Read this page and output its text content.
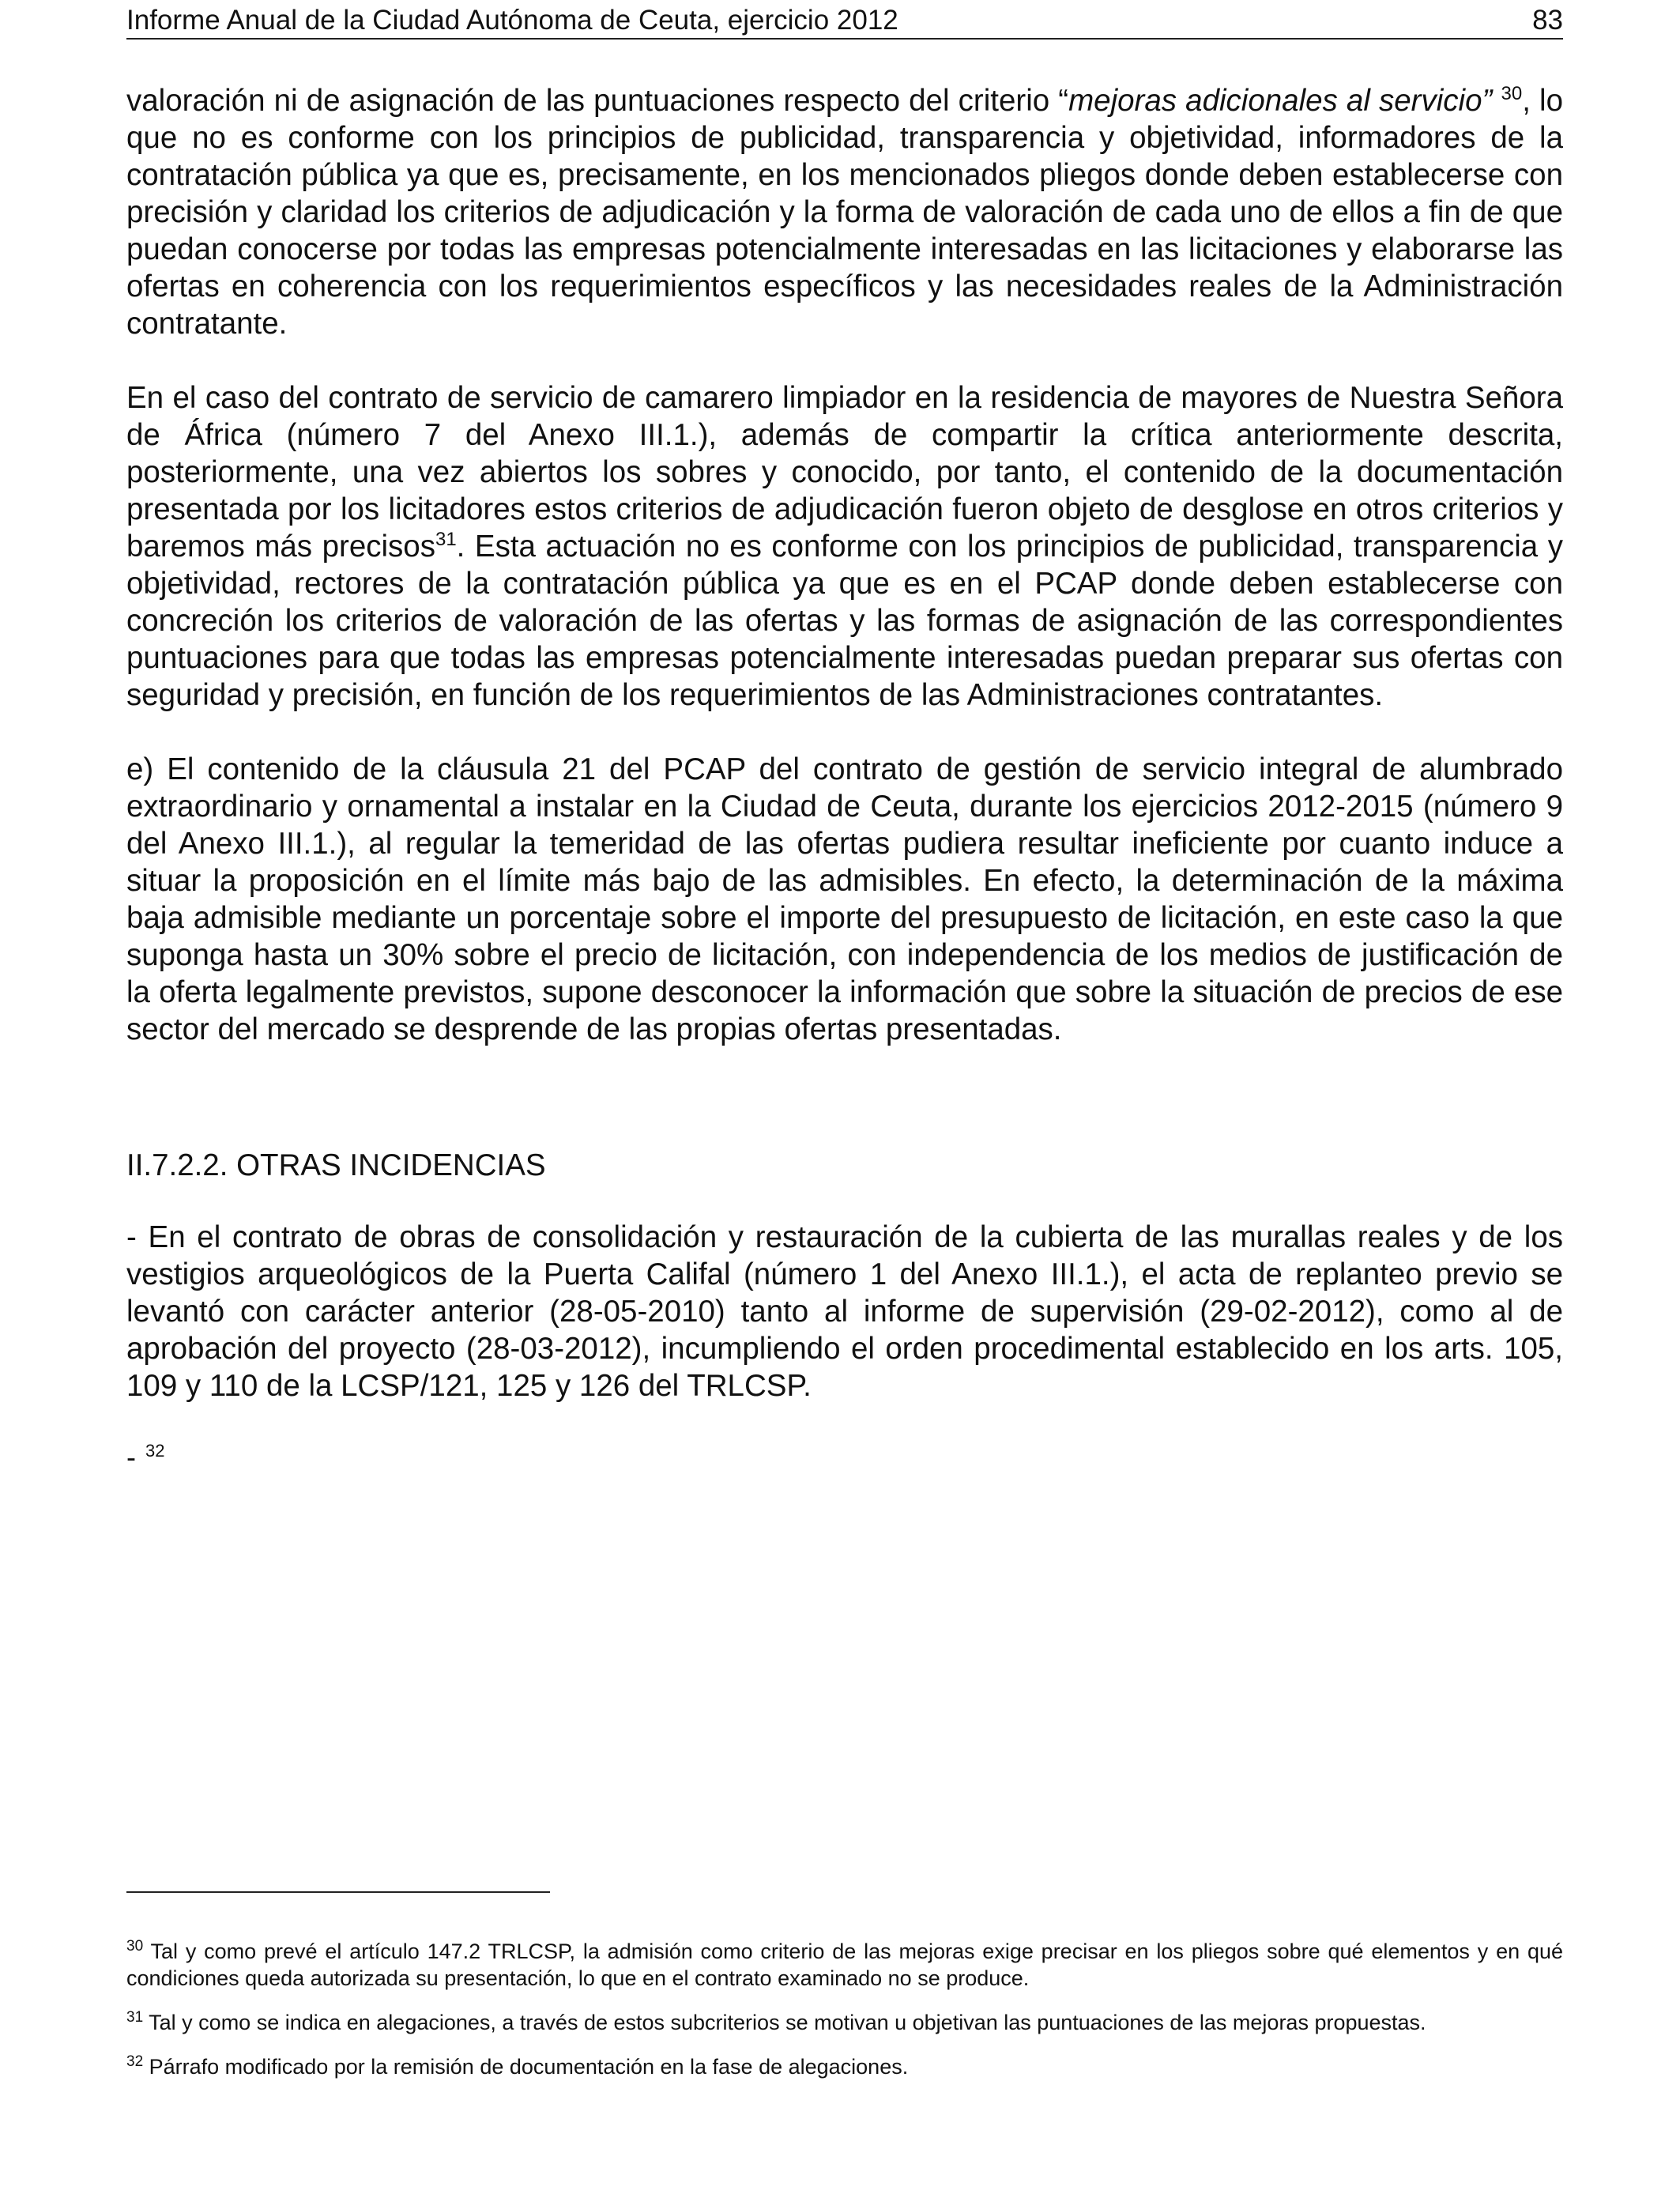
Informe Anual de la Ciudad Autónoma de Ceuta, ejercicio 2012	83

valoración ni de asignación de las puntuaciones respecto del criterio “mejoras adicionales al servicio” $^{30}$, lo que no es conforme con los principios de publicidad, transparencia y objetividad, informadores de la contratación pública ya que es, precisamente, en los mencionados pliegos donde deben establecerse con precisión y claridad los criterios de adjudicación y la forma de valoración de cada uno de ellos a fin de que puedan conocerse por todas las empresas potencialmente interesadas en las licitaciones y elaborarse las ofertas en coherencia con los requerimientos específicos y las necesidades reales de la Administración contratante.

En el caso del contrato de servicio de camarero limpiador en la residencia de mayores de Nuestra Señora de África (número 7 del Anexo III.1.), además de compartir la crítica anteriormente descrita, posteriormente, una vez abiertos los sobres y conocido, por tanto, el contenido de la documentación presentada por los licitadores estos criterios de adjudicación fueron objeto de desglose en otros criterios y baremos más precisos$^{31}$. Esta actuación no es conforme con los principios de publicidad, transparencia y objetividad, rectores de la contratación pública ya que es en el PCAP donde deben establecerse con concreción los criterios de valoración de las ofertas y las formas de asignación de las correspondientes puntuaciones para que todas las empresas potencialmente interesadas puedan preparar sus ofertas con seguridad y precisión, en función de los requerimientos de las Administraciones contratantes.

e) El contenido de la cláusula 21 del PCAP del contrato de gestión de servicio integral de alumbrado extraordinario y ornamental a instalar en la Ciudad de Ceuta, durante los ejercicios 2012-2015 (número 9 del Anexo III.1.), al regular la temeridad de las ofertas pudiera resultar ineficiente por cuanto induce a situar la proposición en el límite más bajo de las admisibles. En efecto, la determinación de la máxima baja admisible mediante un porcentaje sobre el importe del presupuesto de licitación, en este caso la que suponga hasta un 30% sobre el precio de licitación, con independencia de los medios de justificación de la oferta legalmente previstos, supone desconocer la información que sobre la situación de precios de ese sector del mercado se desprende de las propias ofertas presentadas.

II.7.2.2. OTRAS INCIDENCIAS

- En el contrato de obras de consolidación y restauración de la cubierta de las murallas reales y de los vestigios arqueológicos de la Puerta Califal (número 1 del Anexo III.1.), el acta de replanteo previo se levantó con carácter anterior (28-05-2010) tanto al informe de supervisión (29-02-2012), como al de aprobación del proyecto (28-03-2012), incumpliendo el orden procedimental establecido en los arts. 105, 109 y 110 de la LCSP/121, 125 y 126 del TRLCSP.

- $^{32}$

$^{30}$ Tal y como prevé el artículo 147.2 TRLCSP, la admisión como criterio de las mejoras exige precisar en los pliegos sobre qué elementos y en qué condiciones queda autorizada su presentación, lo que en el contrato examinado no se produce.

$^{31}$ Tal y como se indica en alegaciones, a través de estos subcriterios se motivan u objetivan las puntuaciones de las mejoras propuestas.

$^{32}$ Párrafo modificado por la remisión de documentación en la fase de alegaciones.
